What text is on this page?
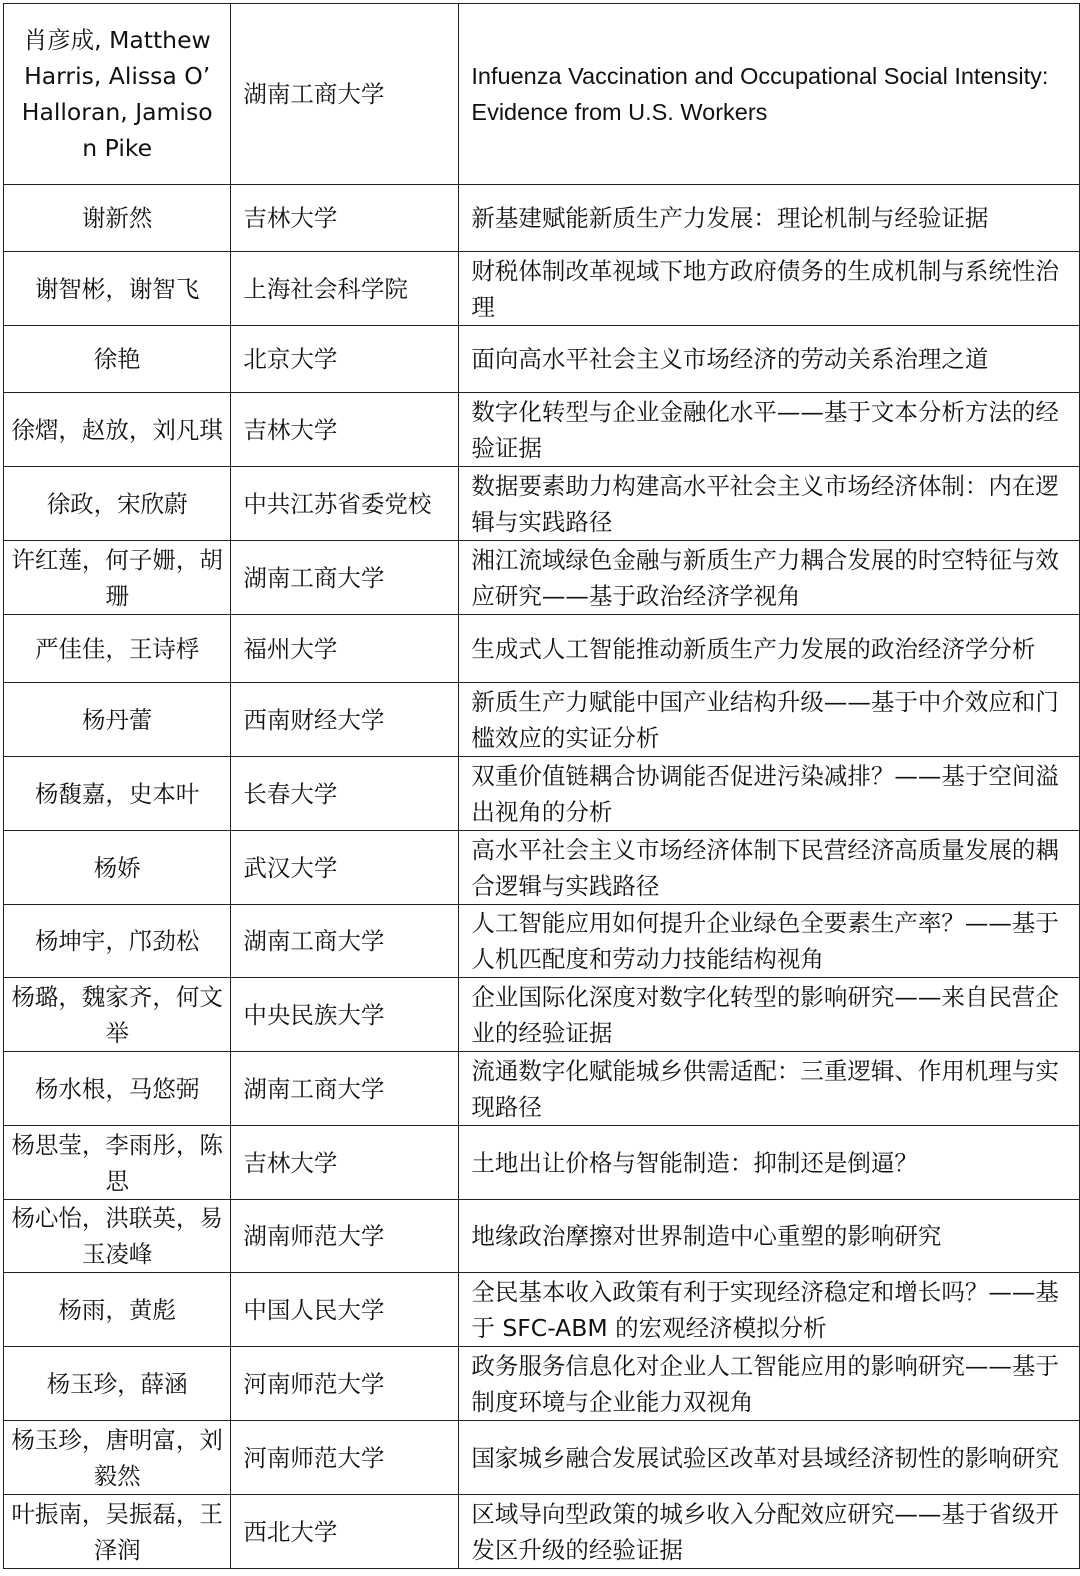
肖彦成, MatthewHarris, Alissa O’ Halloran, Jamison Pike	湖南工商大学	Infuenza Vaccination and Occupational Social Intensity: Evidence from U.S. Workers
谢新然	吉林大学	新基建赋能新质生产力发展：理论机制与经验证据
谢智彬，谢智飞	上海社会科学院	财税体制改革视域下地方政府债务的生成机制与系统性治理
徐艳	北京大学	面向高水平社会主义市场经济的劳动关系治理之道
徐熠，赵放，刘凡琪	吉林大学	数字化转型与企业金融化水平——基于文本分析方法的经验证据
徐政，宋欣蔚	中共江苏省委党校	数据要素助力构建高水平社会主义市场经济体制：内在逻辑与实践路径
许红莲，何子姗，胡珊	湖南工商大学	湘江流域绿色金融与新质生产力耦合发展的时空特征与效应研究——基于政治经济学视角
严佳佳，王诗桴	福州大学	生成式人工智能推动新质生产力发展的政治经济学分析
杨丹蕾	西南财经大学	新质生产力赋能中国产业结构升级——基于中介效应和门槛效应的实证分析
杨馥嘉，史本叶	长春大学	双重价值链耦合协调能否促进污染减排？——基于空间溢出视角的分析
杨娇	武汉大学	高水平社会主义市场经济体制下民营经济高质量发展的耦合逻辑与实践路径
杨坤宇，邝劲松	湖南工商大学	人工智能应用如何提升企业绿色全要素生产率？——基于人机匹配度和劳动力技能结构视角
杨璐，魏家齐，何文举	中央民族大学	企业国际化深度对数字化转型的影响研究——来自民营企业的经验证据
杨水根，马悠弼	湖南工商大学	流通数字化赋能城乡供需适配：三重逻辑、作用机理与实现路径
杨思莹，李雨彤，陈思	吉林大学	土地出让价格与智能制造：抑制还是倒逼？
杨心怡，洪联英，易玉凌峰	湖南师范大学	地缘政治摩擦对世界制造中心重塑的影响研究
杨雨，黄彪	中国人民大学	全民基本收入政策有利于实现经济稳定和增长吗？——基于 SFC-ABM 的宏观经济模拟分析
杨玉珍，薛涵	河南师范大学	政务服务信息化对企业人工智能应用的影响研究——基于制度环境与企业能力双视角
杨玉珍，唐明富，刘毅然	河南师范大学	国家城乡融合发展试验区改革对县域经济韧性的影响研究
叶振南，吴振磊，王泽润	西北大学	区域导向型政策的城乡收入分配效应研究——基于省级开发区升级的经验证据
